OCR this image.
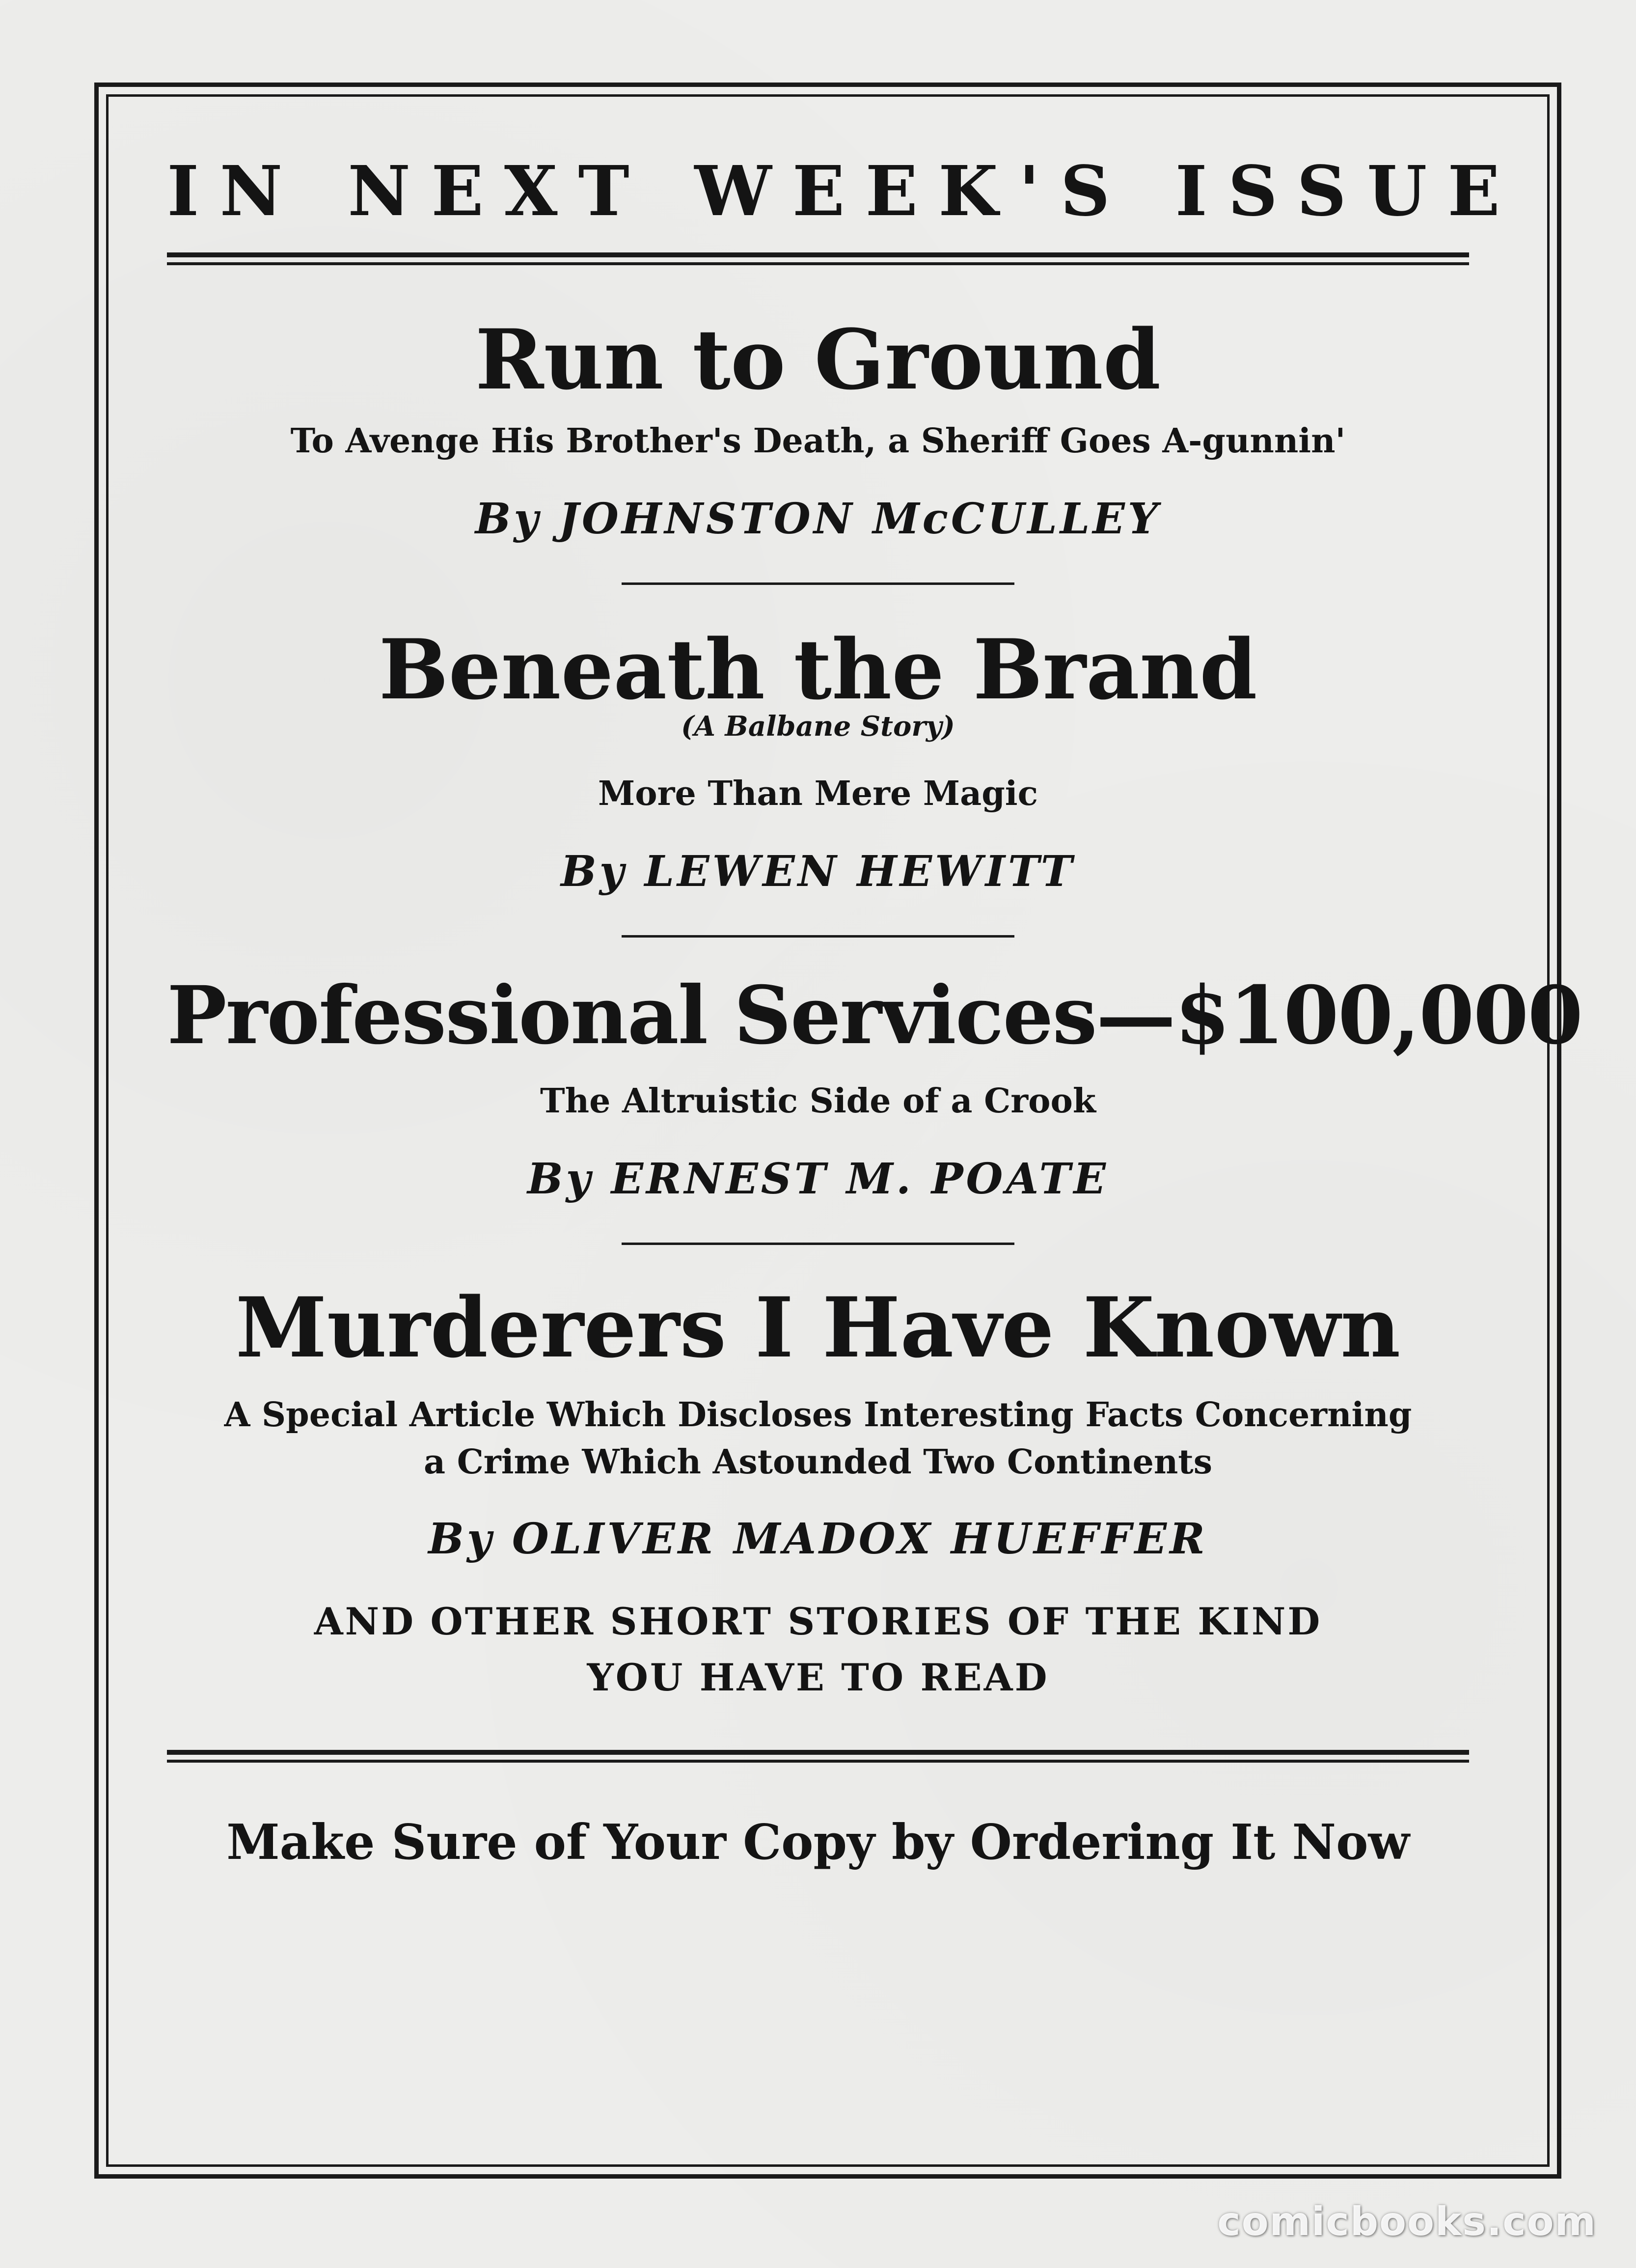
IN NEXT WEEK'S ISSUE
Run to Ground

To Avenge His Brother's Death, a Sheriff Goes A-gunnin'

By JOHNSTON McCULLEY

Beneath the Brand

(A Balbane Story)

More Than Mere Magic

By LEWEN HEWITT

Professional Services—$100,000

The Altruistic Side of a Crook

By ERNEST M. POATE

Murderers I Have Known

A Special Article Which Discloses Interesting Facts Concerning

a Crime Which Astounded Two Continents

By OLIVER MADOX HUEFFER

AND OTHER SHORT STORIES OF THE KIND

YOU HAVE TO READ

Make Sure of Your Copy by Ordering It Now

comicbooks.com
